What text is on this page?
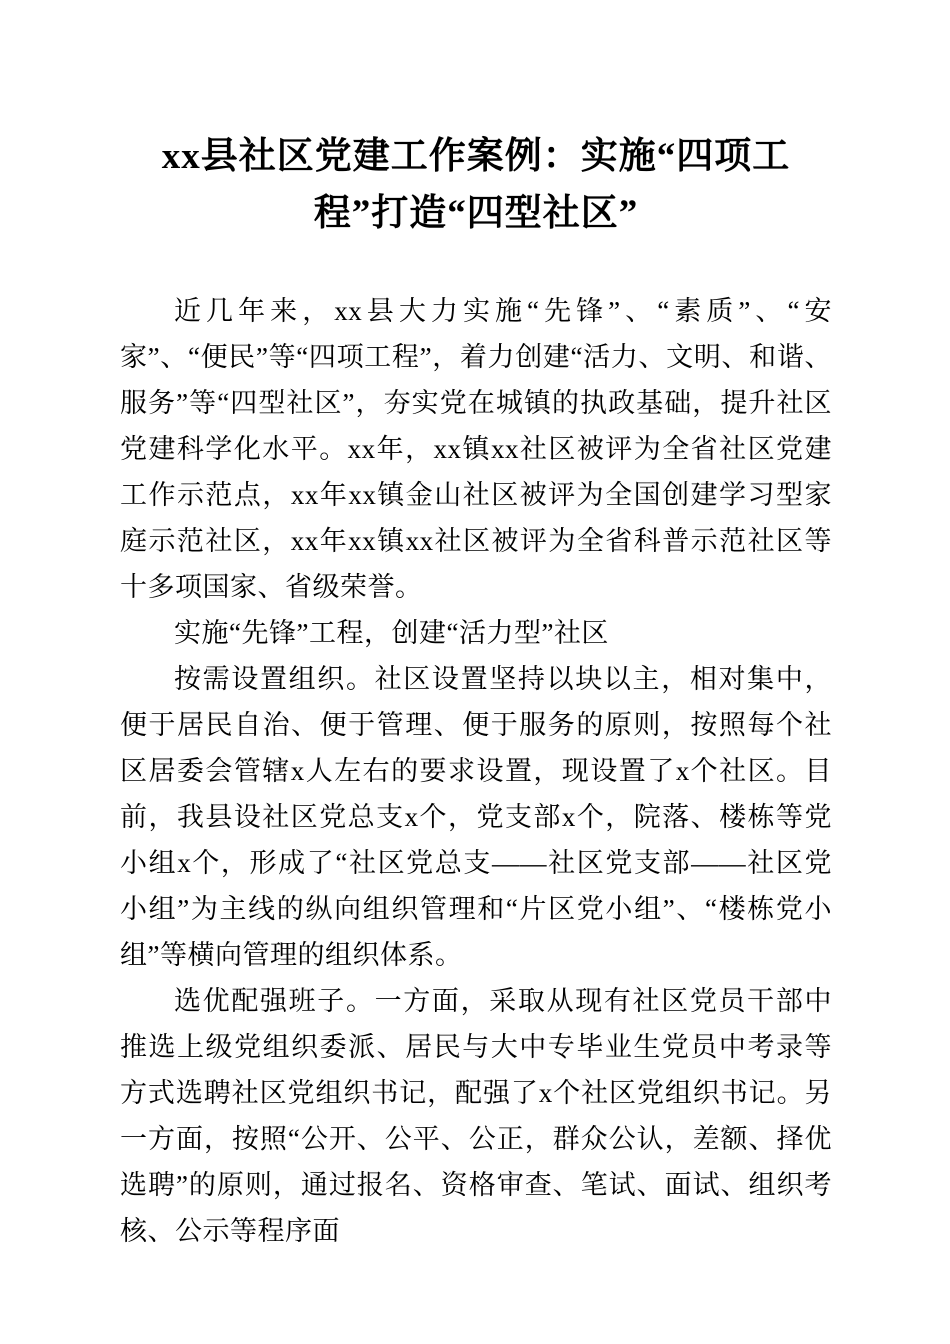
xx县社区党建工作案例：实施“四项工
程”打造“四型社区”

近几年来，xx县大力实施“先锋”、“素质”、“安家”、“便民”等“四项工程”，着力创建“活力、文明、和谐、服务”等“四型社区”，夯实党在城镇的执政基础，提升社区党建科学化水平。xx年，xx镇xx社区被评为全省社区党建工作示范点，xx年xx镇金山社区被评为全国创建学习型家庭示范社区，xx年xx镇xx社区被评为全省科普示范社区等十多项国家、省级荣誉。

实施“先锋”工程，创建“活力型”社区

按需设置组织。社区设置坚持以块以主，相对集中，便于居民自治、便于管理、便于服务的原则，按照每个社区居委会管辖x人左右的要求设置，现设置了x个社区。目前，我县设社区党总支x个，党支部x个，院落、楼栋等党小组x个，形成了“社区党总支——社区党支部——社区党小组”为主线的纵向组织管理和“片区党小组”、“楼栋党小组”等横向管理的组织体系。

选优配强班子。一方面，采取从现有社区党员干部中推选上级党组织委派、居民与大中专毕业生党员中考录等方式选聘社区党组织书记，配强了x个社区党组织书记。另一方面，按照“公开、公平、公正，群众公认，差额、择优选聘”的原则，通过报名、资格审查、笔试、面试、组织考核、公示等程序面
